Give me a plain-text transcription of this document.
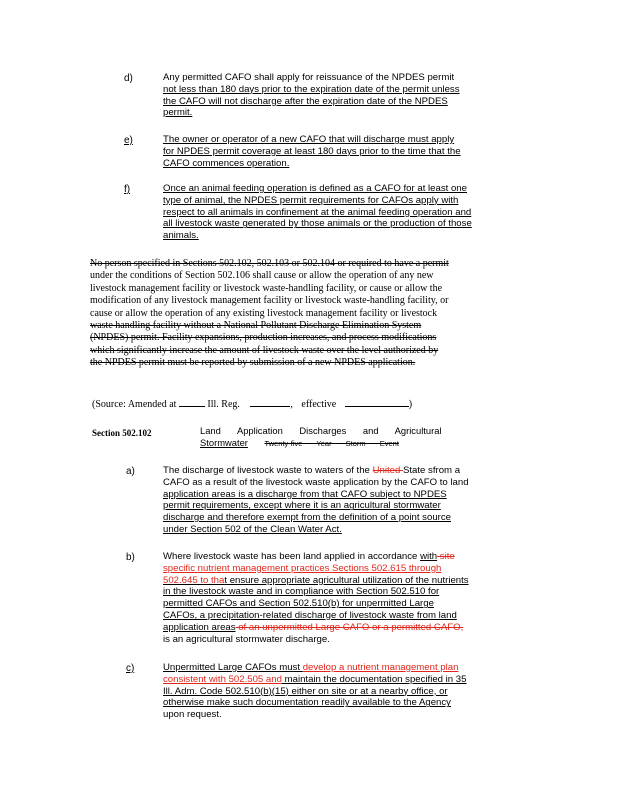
d)	Any permitted CAFO shall apply for reissuance of the NPDES permit
not less than 180 days prior to the expiration date of the permit unless
the CAFO will not discharge after the expiration date of the NPDES
permit.
e)	The owner or operator of a new CAFO that will discharge must apply
for NPDES permit coverage at least 180 days prior to the time that the
CAFO commences operation.
f)	Once an animal feeding operation is defined as a CAFO for at least one
type of animal, the NPDES permit requirements for CAFOs apply with
respect to all animals in confinement at the animal feeding operation and
all livestock waste generated by those animals or the production of those
animals.
No person specified in Sections 502.102, 502.103 or 502.104 or required to have a permit
under the conditions of Section 502.106 shall cause or allow the operation of any new
livestock management facility or livestock waste-handling facility, or cause or allow the
modification of any livestock management facility or livestock waste-handling facility, or
cause or allow the operation of any existing livestock management facility or livestock
waste handling facility without a National Pollutant Discharge Elimination System
(NPDES) permit. Facility expansions, production increases, and process modifications
which significantly increase the amount of livestock waste over the level authorized by
the NPDES permit must be reported by submission of a new NPDES application.
(Source: Amended at	Ill. Reg.	, effective	)
Section 502.102	Land Application Discharges and Agricultural
Stormwater Twenty-five Year Storm Event
a)	The discharge of livestock waste to waters of the United State sfrom a
CAFO as a result of the livestock waste application by the CAFO to land
application areas is a discharge from that CAFO subject to NPDES
permit requirements, except where it is an agricultural stormwater
discharge and therefore exempt from the definition of a point source
under Section 502 of the Clean Water Act.
b)	Where livestock waste has been land applied in accordance with site
specific nutrient management practices Sections 502.615 through
502.645 to that ensure appropriate agricultural utilization of the nutrients
in the livestock waste and in compliance with Section 502.510 for
permitted CAFOs and Section 502.510(b) for unpermitted Large
CAFOs, a precipitation-related discharge of livestock waste from land
application areas of an unpermitted Large CAFO or a permitted CAFO,
is an agricultural stormwater discharge.
c)	Unpermitted Large CAFOs must develop a nutrient management plan
consistent with 502.505 and maintain the documentation specified in 35
Ill. Adm. Code 502.510(b)(15) either on site or at a nearby office, or
otherwise make such documentation readily available to the Agency
upon request.
